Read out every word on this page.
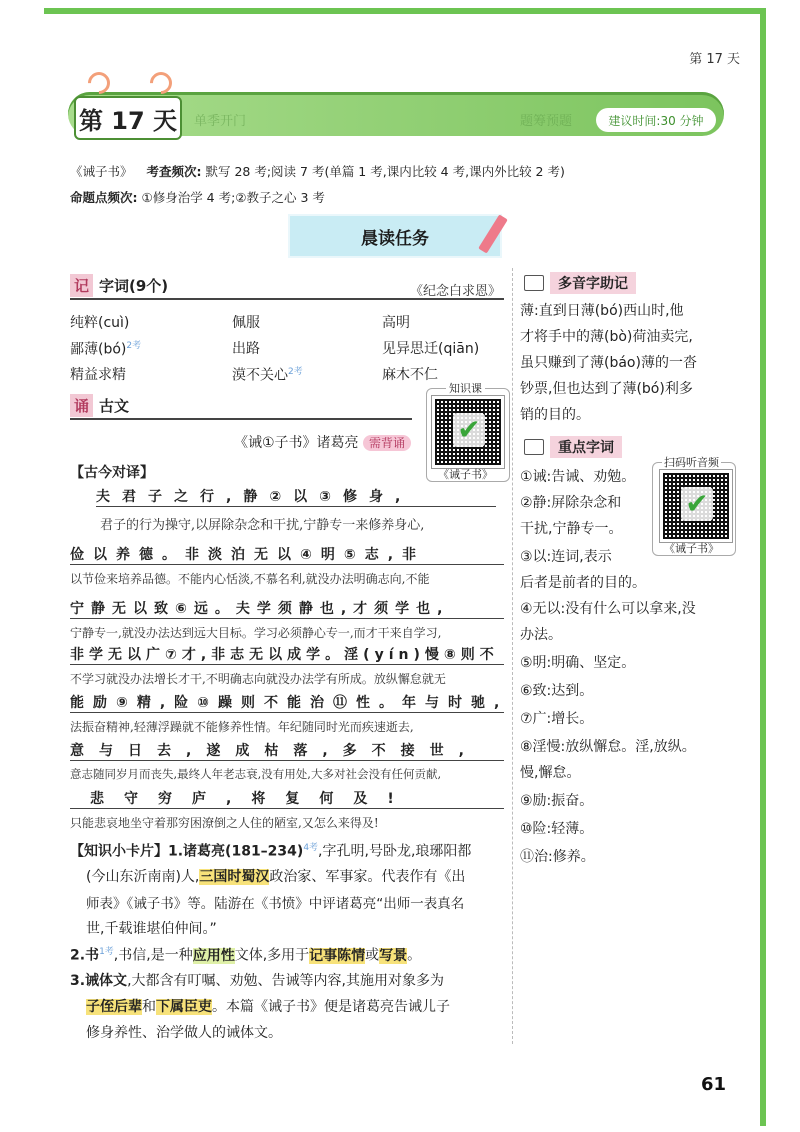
第 17 天
单季开门	题筹预题
第 17 天	建议时间:30 分钟
《诫子书》 考查频次: 默写 28 考;阅读 7 考(单篇 1 考,课内比较 4 考,课内外比较 2 考)
命题点频次: ①修身治学 4 考;②教子之心 3 考
晨读任务
记 字词(9个)	《纪念白求恩》
纯粹(cuì)	佩服	高明
鄙薄(bó)$^{2考}$	出路	见异思迁(qiān)
精益求精	漠不关心$^{2考}$	麻木不仁
诵 古文
知识课
✔
《诫子书》
《诫①子书》诸葛亮 需背诵
【古今对译】
夫君子之行,静②以③修身,
君子的行为操守,以屏除杂念和干扰,宁静专一来修养身心,
俭以养德。非淡泊无以④明⑤志,非
以节俭来培养品德。不能内心恬淡,不慕名利,就没办法明确志向,不能
宁静无以致⑥远。夫学须静也,才须学也,
宁静专一,就没办法达到远大目标。学习必须静心专一,而才干来自学习,
非学无以广⑦才,非志无以成学。淫(yín)慢⑧则不
不学习就没办法增长才干,不明确志向就没办法学有所成。放纵懈怠就无
能励⑨精,险⑩躁则不能治⑪性。年与时驰,
法振奋精神,轻薄浮躁就不能修养性情。年纪随同时光而疾速逝去,
意与日去,遂成枯落,多不接世,
意志随同岁月而丧失,最终人年老志衰,没有用处,大多对社会没有任何贡献,
悲守穷庐,将复何及!
只能悲哀地坐守着那穷困潦倒之人住的陋室,又怎么来得及!
【知识小卡片】1.诸葛亮$(181-234)^{4考}$,字孔明,号卧龙,琅琊阳都
(今山东沂南南)人,三国时蜀汉政治家、军事家。代表作有《出
师表》《诫子书》等。陆游在《书愤》中评诸葛亮“出师一表真名
世,千载谁堪伯仲间。”
2.书$^{1考}$,书信,是一种应用性文体,多用于记事陈情或写景。
3.诫体文,大都含有叮嘱、劝勉、告诫等内容,其施用对象多为
子侄后辈和下属臣吏。本篇《诫子书》便是诸葛亮告诫儿子
修身养性、治学做人的诫体文。
多音字助记
薄:直到日薄(bó)西山时,他
才将手中的薄(bò)荷油卖完,
虽只赚到了薄(báo)薄的一沓
钞票,但也达到了薄(bó)利多
销的目的。
重点字词
扫码听音频
✔
《诫子书》
①诫:告诫、劝勉。
②静:屏除杂念和
干扰,宁静专一。
③以:连词,表示
后者是前者的目的。
④无以:没有什么可以拿来,没
办法。
⑤明:明确、坚定。
⑥致:达到。
⑦广:增长。
⑧淫慢:放纵懈怠。淫,放纵。
慢,懈怠。
⑨励:振奋。
⑩险:轻薄。
⑪治:修养。
61
